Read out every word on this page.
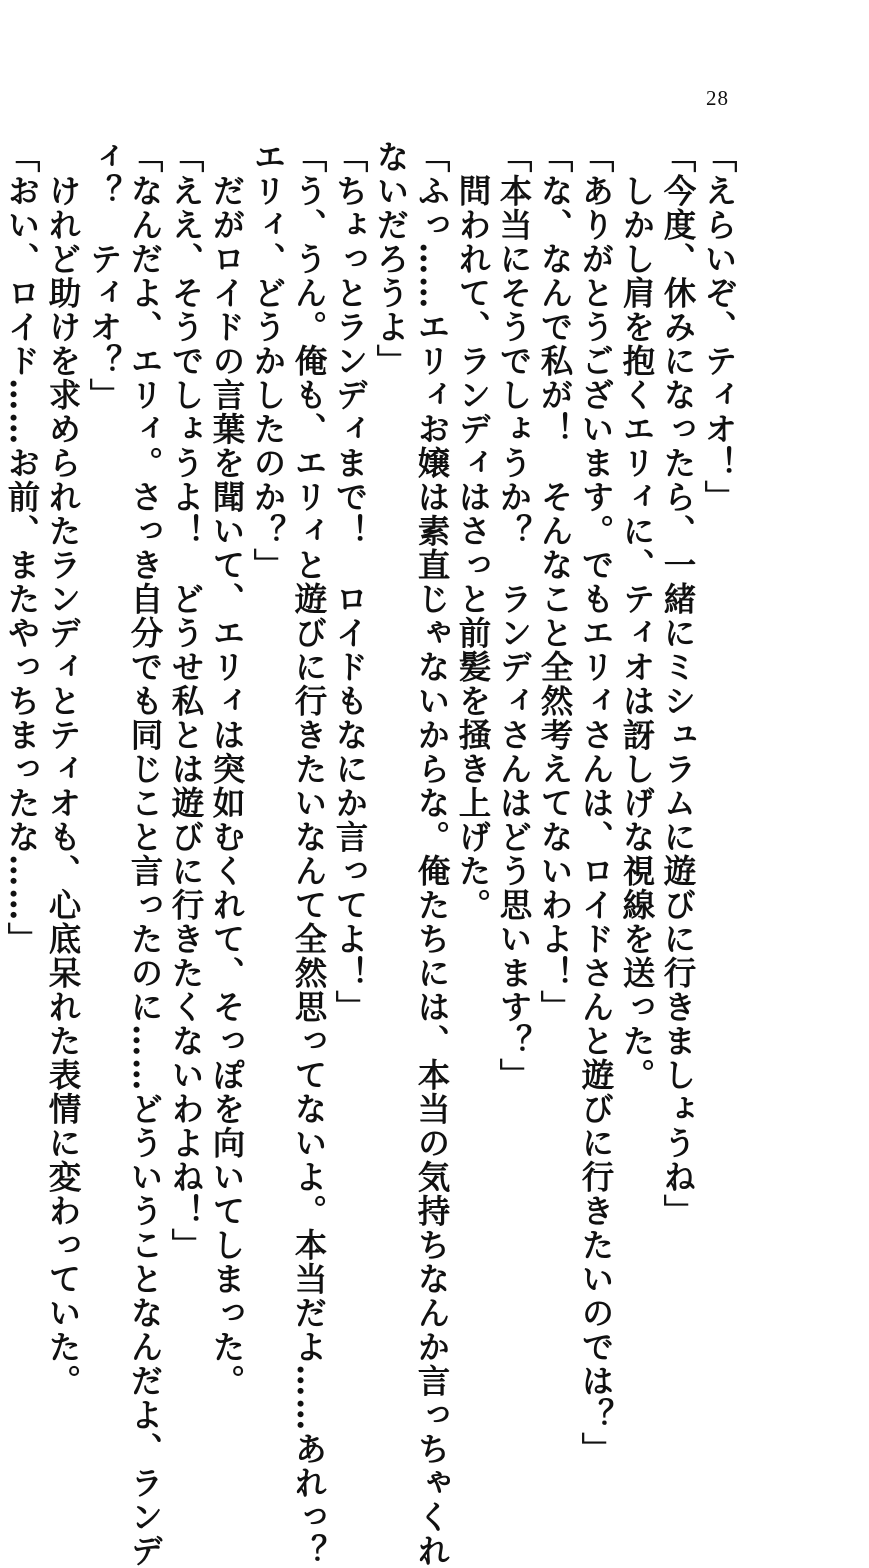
28
「えらいぞ、ティオ！」
「今度、休みになったら、一緒にミシュラムに遊びに行きましょうね」
　しかし肩を抱くエリィに、ティオは訝しげな視線を送った。
「ありがとうございます。でもエリィさんは、ロイドさんと遊びに行きたいのでは？」
「な、なんで私が！　そんなこと全然考えてないわよ！」
「本当にそうでしょうか？　ランディさんはどう思います？」
　問われて、ランディはさっと前髪を掻き上げた。
「ふっ……エリィお嬢は素直じゃないからな。俺たちには、本当の気持ちなんか言っちゃくれ
ないだろうよ」
「ちょっとランディまで！　ロイドもなにか言ってよ！」
「う、うん。俺も、エリィと遊びに行きたいなんて全然思ってないよ。本当だよ……あれっ？
エリィ、どうかしたのか？」
　だがロイドの言葉を聞いて、エリィは突如むくれて、そっぽを向いてしまった。
「ええ、そうでしょうよ！　どうせ私とは遊びに行きたくないわよね！」
「なんだよ、エリィ。さっき自分でも同じこと言ったのに……どういうことなんだよ、ランデ
ィ？　ティオ？」
　けれど助けを求められたランディとティオも、心底呆れた表情に変わっていた。
「おい、ロイド……お前、またやっちまったな……」
